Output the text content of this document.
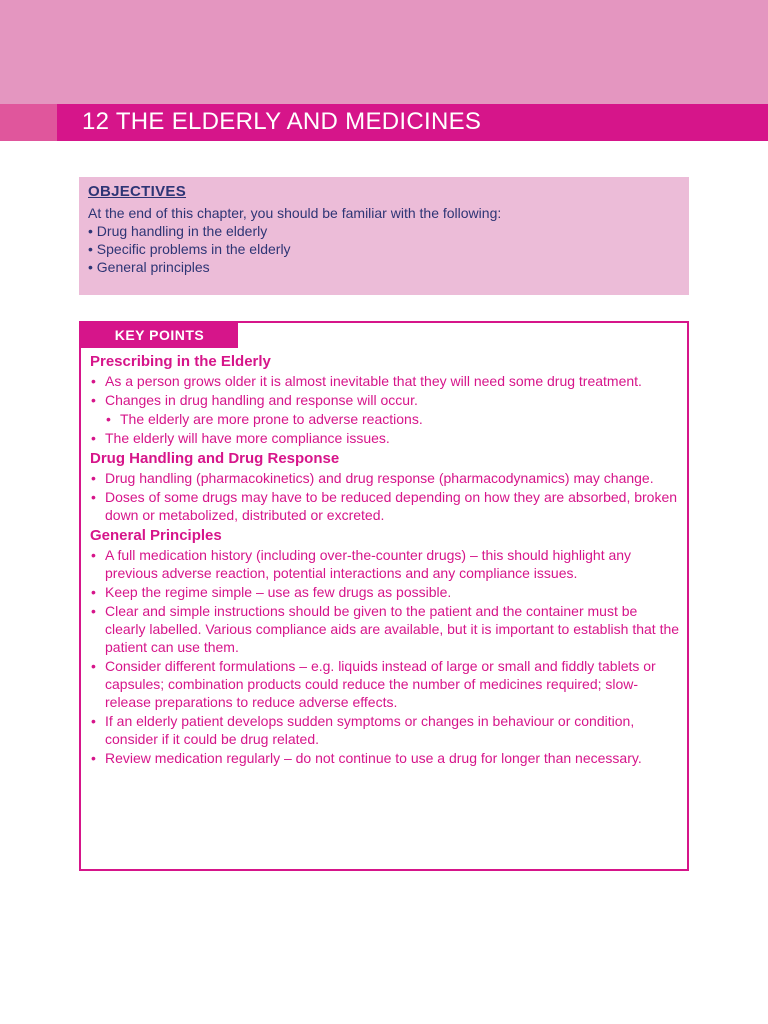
12 THE ELDERLY AND MEDICINES

OBJECTIVES

At the end of this chapter, you should be familiar with the following:

• Drug handling in the elderly
• Specific problems in the elderly
• General principles
KEY POINTS

Prescribing in the Elderly

• As a person grows older it is almost inevitable that they will need some drug treatment.
• Changes in drug handling and response will occur.
• The elderly are more prone to adverse reactions.
• The elderly will have more compliance issues.

Drug Handling and Drug Response

• Drug handling (pharmacokinetics) and drug response (pharmacodynamics) may change.
• Doses of some drugs may have to be reduced depending on how they are absorbed, broken down or metabolized, distributed or excreted.

General Principles

• A full medication history (including over-the-counter drugs) – this should highlight any previous adverse reaction, potential interactions and any compliance issues.
• Keep the regime simple – use as few drugs as possible.
• Clear and simple instructions should be given to the patient and the container must be clearly labelled. Various compliance aids are available, but it is important to establish that the patient can use them.
• Consider different formulations – e.g. liquids instead of large or small and fiddly tablets or capsules; combination products could reduce the number of medicines required; slow-release preparations to reduce adverse effects.
• If an elderly patient develops sudden symptoms or changes in behaviour or condition, consider if it could be drug related.
• Review medication regularly – do not continue to use a drug for longer than necessary.
